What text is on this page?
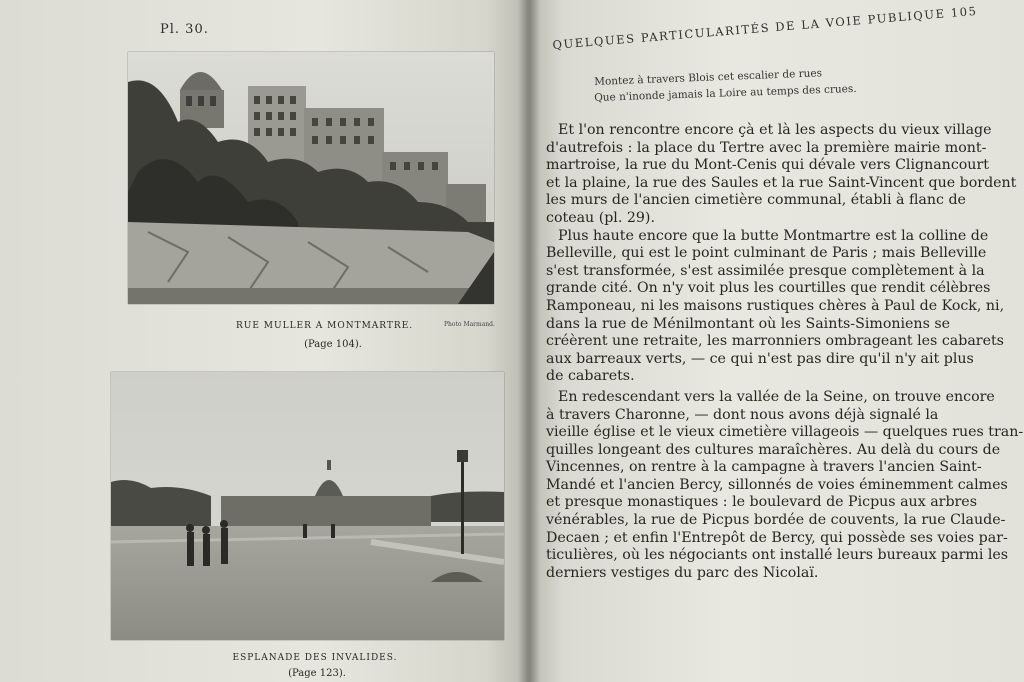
Pl. 30.
RUE MULLER A MONTMARTRE.	Photo Marmand.
(Page 104).
ESPLANADE DES INVALIDES.
(Page 123).
QUELQUES PARTICULARITÉS DE LA VOIE PUBLIQUE 105
Montez à travers Blois cet escalier de rues
Que n'inonde jamais la Loire au temps des crues.
Et l'on rencontre encore çà et là les aspects du vieux village
d'autrefois : la place du Tertre avec la première mairie mont-
martroise, la rue du Mont-Cenis qui dévale vers Clignancourt
et la plaine, la rue des Saules et la rue Saint-Vincent que bordent
les murs de l'ancien cimetière communal, établi à flanc de
coteau (pl. 29).
Plus haute encore que la butte Montmartre est la colline de
Belleville, qui est le point culminant de Paris ; mais Belleville
s'est transformée, s'est assimilée presque complètement à la
grande cité. On n'y voit plus les courtilles que rendit célèbres
Ramponeau, ni les maisons rustiques chères à Paul de Kock, ni,
dans la rue de Ménilmontant où les Saints-Simoniens se
créèrent une retraite, les marronniers ombrageant les cabarets
aux barreaux verts, — ce qui n'est pas dire qu'il n'y ait plus
de cabarets.
En redescendant vers la vallée de la Seine, on trouve encore
à travers Charonne, — dont nous avons déjà signalé la
vieille église et le vieux cimetière villageois — quelques rues tran-
quilles longeant des cultures maraîchères. Au delà du cours de
Vincennes, on rentre à la campagne à travers l'ancien Saint-
Mandé et l'ancien Bercy, sillonnés de voies éminemment calmes
et presque monastiques : le boulevard de Picpus aux arbres
vénérables, la rue de Picpus bordée de couvents, la rue Claude-
Decaen ; et enfin l'Entrepôt de Bercy, qui possède ses voies par-
ticulières, où les négociants ont installé leurs bureaux parmi les
derniers vestiges du parc des Nicolaï.
